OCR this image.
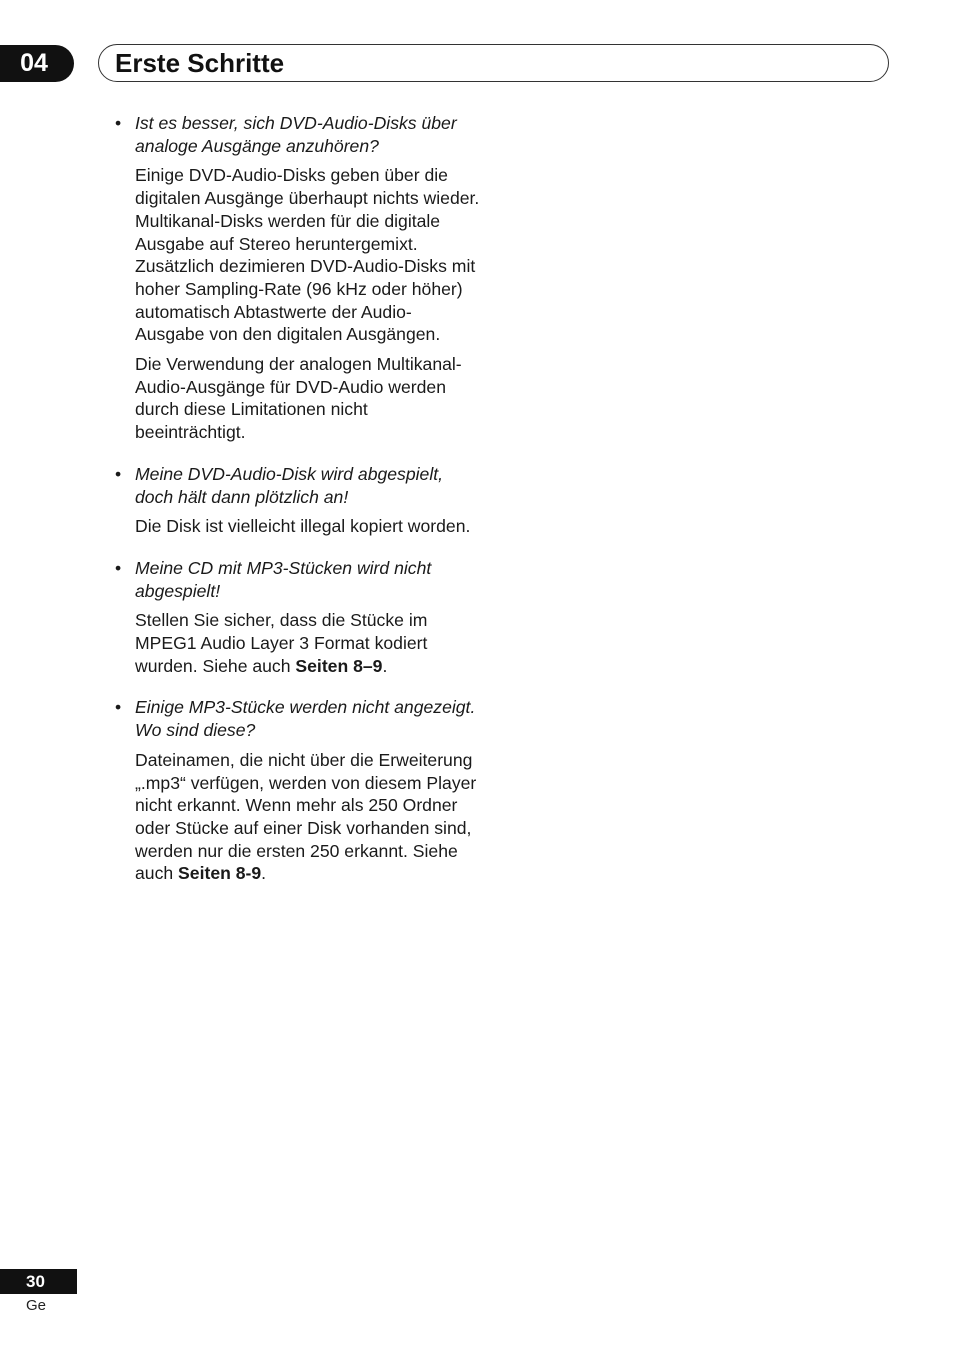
04	Erste Schritte

• Ist es besser, sich DVD-Audio-Disks über analoge Ausgänge anzuhören?

Einige DVD-Audio-Disks geben über die digitalen Ausgänge überhaupt nichts wieder. Multikanal-Disks werden für die digitale Ausgabe auf Stereo heruntergemixt. Zusätzlich dezimieren DVD-Audio-Disks mit hoher Sampling-Rate (96 kHz oder höher) automatisch Abtastwerte der Audio-Ausgabe von den digitalen Ausgängen.

Die Verwendung der analogen Multikanal-Audio-Ausgänge für DVD-Audio werden durch diese Limitationen nicht beeinträchtigt.

• Meine DVD-Audio-Disk wird abgespielt, doch hält dann plötzlich an!

Die Disk ist vielleicht illegal kopiert worden.

• Meine CD mit MP3-Stücken wird nicht abgespielt!

Stellen Sie sicher, dass die Stücke im MPEG1 Audio Layer 3 Format kodiert wurden. Siehe auch Seiten 8–9.

• Einige MP3-Stücke werden nicht angezeigt. Wo sind diese?

Dateinamen, die nicht über die Erweiterung „.mp3“ verfügen, werden von diesem Player nicht erkannt. Wenn mehr als 250 Ordner oder Stücke auf einer Disk vorhanden sind, werden nur die ersten 250 erkannt. Siehe auch Seiten 8-9.

30
Ge
